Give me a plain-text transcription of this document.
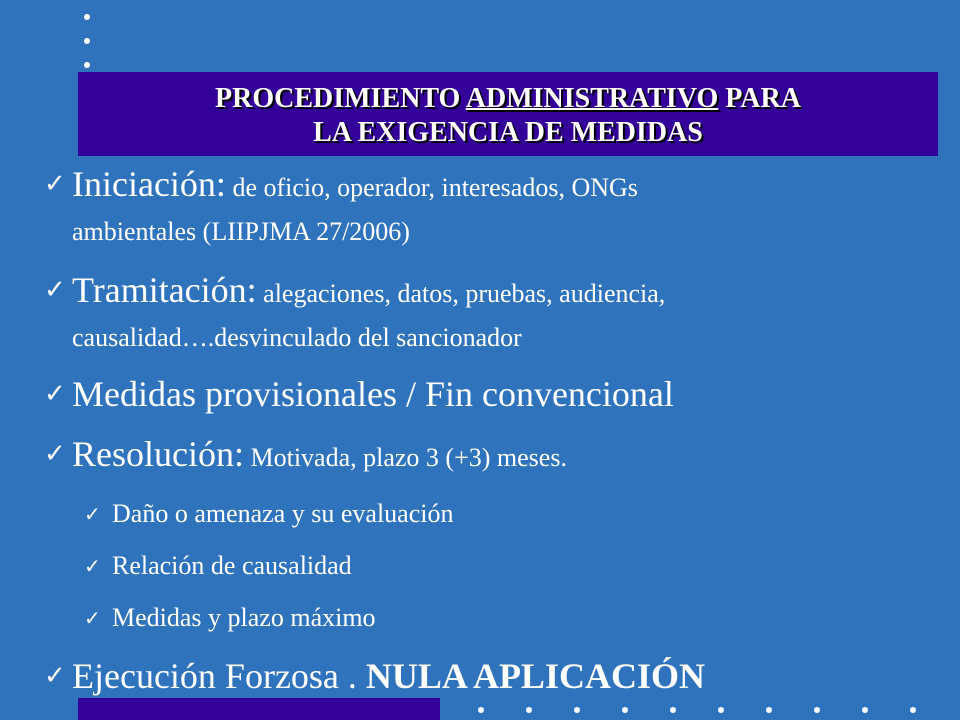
PROCEDIMIENTO ADMINISTRATIVO PARA
LA EXIGENCIA DE MEDIDAS
✓ Iniciación: de oficio, operador, interesados, ONGs
ambientales (LIIPJMA 27/2006)
✓ Tramitación: alegaciones, datos, pruebas, audiencia,
causalidad….desvinculado del sancionador
✓ Medidas provisionales / Fin convencional
✓ Resolución: Motivada, plazo 3 (+3) meses.
✓ Daño o amenaza y su evaluación
✓ Relación de causalidad
✓ Medidas y plazo máximo
✓ Ejecución Forzosa . NULA APLICACIÓN
